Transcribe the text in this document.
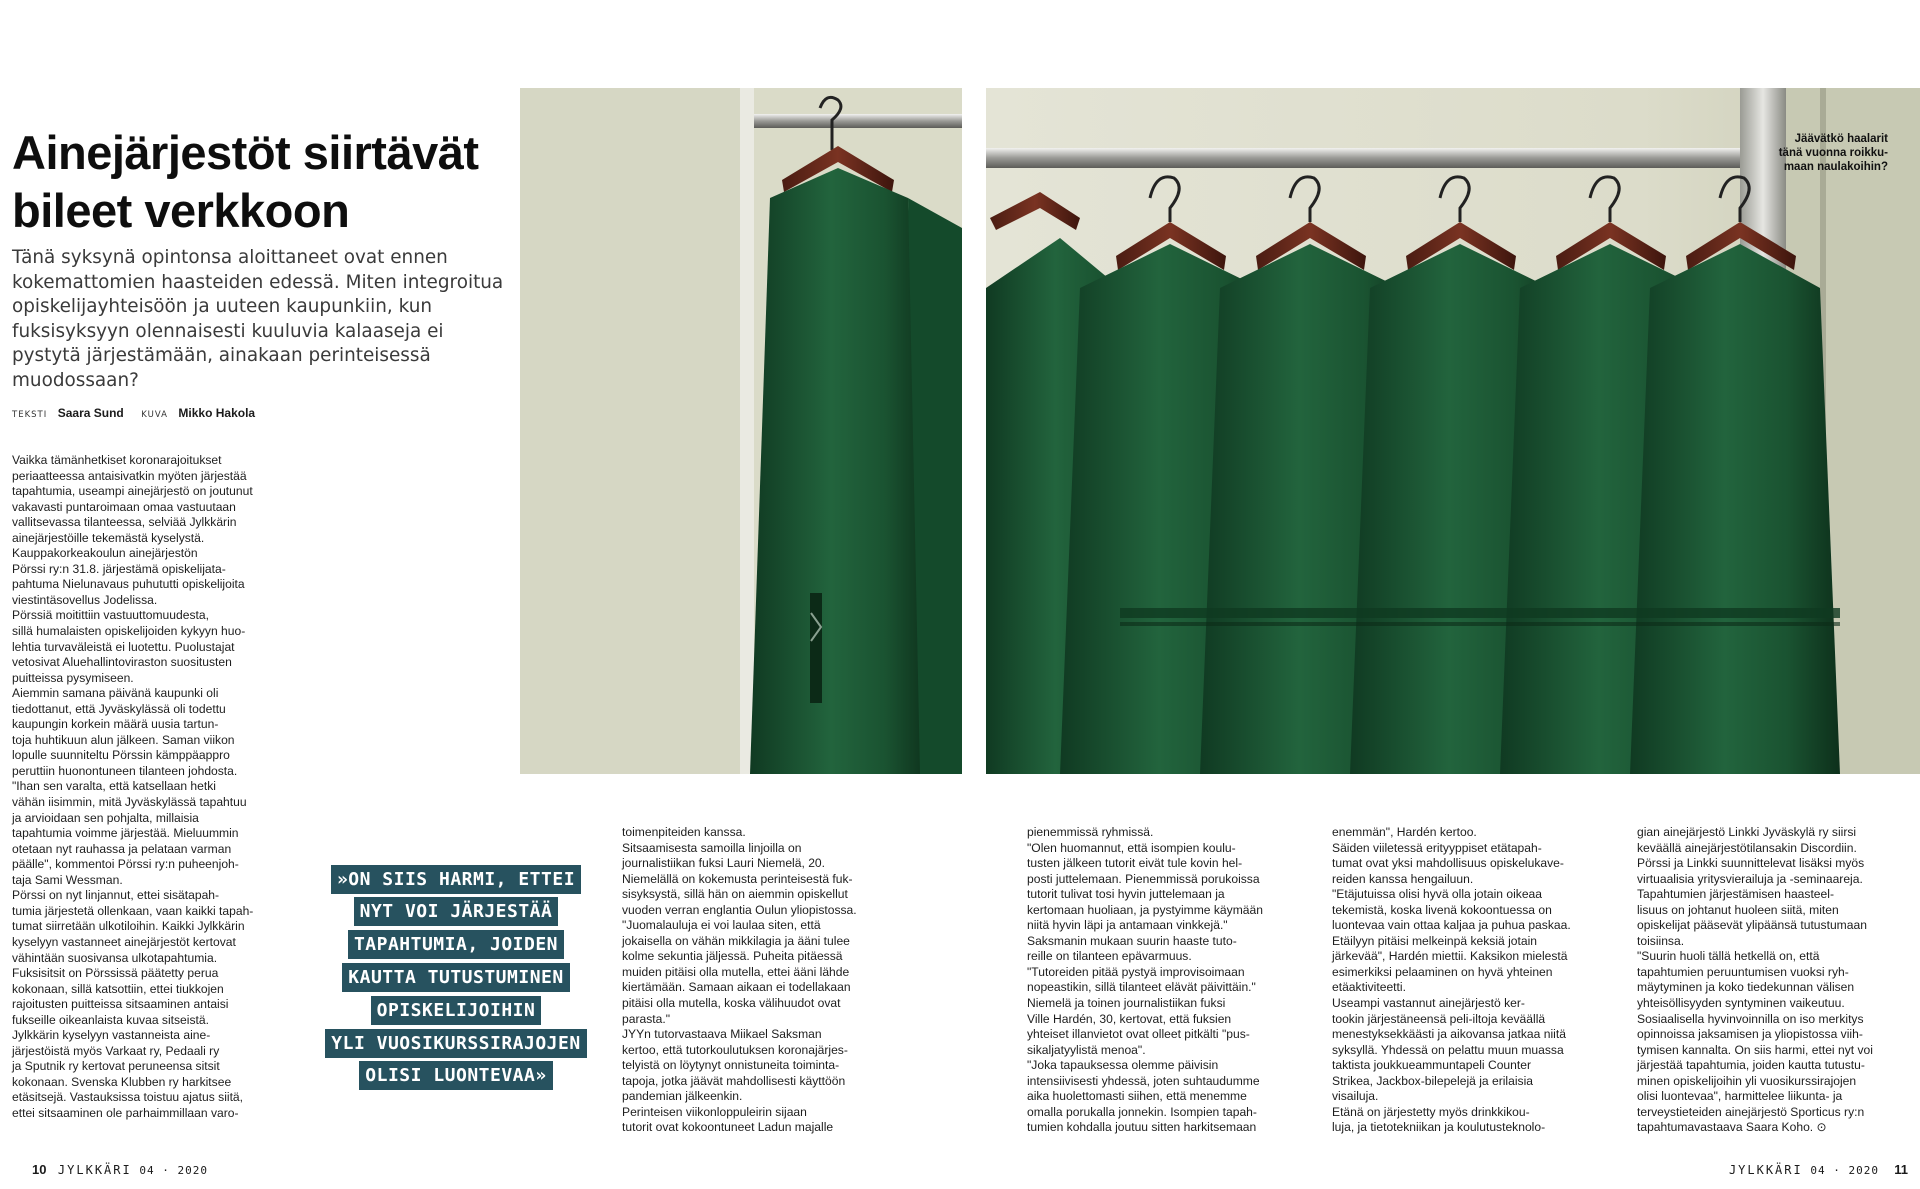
Ainejärjestöt siirtävät
bileet verkkoon
Tänä syksynä opintonsa aloittaneet ovat ennen
kokemattomien haasteiden edessä. Miten integroitua
opiskelijayhteisöön ja uuteen kaupunkiin, kun
fuksisyksyyn olennaisesti kuuluvia kalaaseja ei
pystytä järjestämään, ainakaan perinteisessä
muodossaan?
TEKSTI Saara Sund KUVA Mikko Hakola
Vaikka tämänhetkiset koronarajoitukset
periaatteessa antaisivatkin myöten järjestää
tapahtumia, useampi ainejärjestö on joutunut
vakavasti puntaroimaan omaa vastuutaan
vallitsevassa tilanteessa, selviää Jylkkärin
ainejärjestöille tekemästä kyselystä.
Kauppakorkeakoulun ainejärjestön
Pörssi ry:n 31.8. järjestämä opiskelijata-
pahtuma Nielunavaus puhututti opiskelijoita
viestintäsovellus Jodelissa.
Pörssiä moitittiin vastuuttomuudesta,
sillä humalaisten opiskelijoiden kykyyn huo-
lehtia turvaväleistä ei luotettu. Puolustajat
vetosivat Aluehallintoviraston suositusten
puitteissa pysymiseen.
Aiemmin samana päivänä kaupunki oli
tiedottanut, että Jyväskylässä oli todettu
kaupungin korkein määrä uusia tartun-
toja huhtikuun alun jälkeen. Saman viikon
lopulle suunniteltu Pörssin kämppäappro
peruttiin huonontuneen tilanteen johdosta.
"Ihan sen varalta, että katsellaan hetki
vähän iisimmin, mitä Jyväskylässä tapahtuu
ja arvioidaan sen pohjalta, millaisia
tapahtumia voimme järjestää. Mieluummin
otetaan nyt rauhassa ja pelataan varman
päälle", kommentoi Pörssi ry:n puheenjoh-
taja Sami Wessman.
Pörssi on nyt linjannut, ettei sisätapah-
tumia järjestetä ollenkaan, vaan kaikki tapah-
tumat siirretään ulkotiloihin. Kaikki Jylkkärin
kyselyyn vastanneet ainejärjestöt kertovat
vähintään suosivansa ulkotapahtumia.
Fuksisitsit on Pörssissä päätetty perua
kokonaan, sillä katsottiin, ettei tiukkojen
rajoitusten puitteissa sitsaaminen antaisi
fukseille oikeanlaista kuvaa sitseistä.
Jylkkärin kyselyyn vastanneista aine-
järjestöistä myös Varkaat ry, Pedaali ry
ja Sputnik ry kertovat peruneensa sitsit
kokonaan. Svenska Klubben ry harkitsee
etäsitsejä. Vastauksissa toistuu ajatus siitä,
ettei sitsaaminen ole parhaimmillaan varo-
toimenpiteiden kanssa.
Sitsaamisesta samoilla linjoilla on
journalistiikan fuksi Lauri Niemelä, 20.
Niemelällä on kokemusta perinteisestä fuk-
sisyksystä, sillä hän on aiemmin opiskellut
vuoden verran englantia Oulun yliopistossa.
"Juomalauluja ei voi laulaa siten, että
jokaisella on vähän mikkilagia ja ääni tulee
kolme sekuntia jäljessä. Puheita pitäessä
muiden pitäisi olla mutella, ettei ääni lähde
kiertämään. Samaan aikaan ei todellakaan
pitäisi olla mutella, koska välihuudot ovat
parasta."
JYYn tutorvastaava Miikael Saksman
kertoo, että tutorkoulutuksen koronajärjes-
telyistä on löytynyt onnistuneita toiminta-
tapoja, jotka jäävät mahdollisesti käyttöön
pandemian jälkeenkin.
Perinteisen viikonloppuleirin sijaan
tutorit ovat kokoontuneet Ladun majalle
pienemmissä ryhmissä.
"Olen huomannut, että isompien koulu-
tusten jälkeen tutorit eivät tule kovin hel-
posti juttelemaan. Pienemmissä porukoissa
tutorit tulivat tosi hyvin juttelemaan ja
kertomaan huoliaan, ja pystyimme käymään
niitä hyvin läpi ja antamaan vinkkejä."
Saksmanin mukaan suurin haaste tuto-
reille on tilanteen epävarmuus.
"Tutoreiden pitää pystyä improvisoimaan
nopeastikin, sillä tilanteet elävät päivittäin."
Niemelä ja toinen journalistiikan fuksi
Ville Hardén, 30, kertovat, että fuksien
yhteiset illanvietot ovat olleet pitkälti "pus-
sikaljatyylistä menoa".
"Joka tapauksessa olemme päivisin
intensiivisesti yhdessä, joten suhtaudumme
aika huolettomasti siihen, että menemme
omalla porukalla jonnekin. Isompien tapah-
tumien kohdalla joutuu sitten harkitsemaan
enemmän", Hardén kertoo.
Säiden viiletessä erityyppiset etätapah-
tumat ovat yksi mahdollisuus opiskelukave-
reiden kanssa hengailuun.
"Etäjutuissa olisi hyvä olla jotain oikeaa
tekemistä, koska livenä kokoontuessa on
luontevaa vain ottaa kaljaa ja puhua paskaa.
Etäilyyn pitäisi melkeinpä keksiä jotain
järkevää", Hardén miettii. Kaksikon mielestä
esimerkiksi pelaaminen on hyvä yhteinen
etäaktiviteetti.
Useampi vastannut ainejärjestö ker-
tookin järjestäneensä peli-iltoja keväällä
menestyksekkäästi ja aikovansa jatkaa niitä
syksyllä. Yhdessä on pelattu muun muassa
taktista joukkueammuntapeli Counter
Strikea, Jackbox-bilepelejä ja erilaisia
visailuja.
Etänä on järjestetty myös drinkkikou-
luja, ja tietotekniikan ja koulutusteknolo-
gian ainejärjestö Linkki Jyväskylä ry siirsi
keväällä ainejärjestötilansakin Discordiin.
Pörssi ja Linkki suunnittelevat lisäksi myös
virtuaalisia yritysvierailuja ja -seminaareja.
Tapahtumien järjestämisen haasteel-
lisuus on johtanut huoleen siitä, miten
opiskelijat pääsevät ylipäänsä tutustumaan
toisiinsa.
"Suurin huoli tällä hetkellä on, että
tapahtumien peruuntumisen vuoksi ryh-
mäytyminen ja koko tiedekunnan välisen
yhteisöllisyyden syntyminen vaikeutuu.
Sosiaalisella hyvinvoinnilla on iso merkitys
opinnoissa jaksamisen ja yliopistossa viih-
tymisen kannalta. On siis harmi, ettei nyt voi
järjestää tapahtumia, joiden kautta tutustu-
minen opiskelijoihin yli vuosikurssirajojen
olisi luontevaa", harmittelee liikunta- ja
terveystieteiden ainejärjestö Sporticus ry:n
tapahtumavastaava Saara Koho. ⊙
»ON SIIS HARMI, ETTEI
NYT VOI JÄRJESTÄÄ
TAPAHTUMIA, JOIDEN
KAUTTA TUTUSTUMINEN
OPISKELIJOIHIN
YLI VUOSIKURSSIRAJOJEN
OLISI LUONTEVAA»
Jäävätkö haalarit
tänä vuonna roikku-
maan naulakoihin?
10 JYLKKÄRI 04 · 2020	JYLKKÄRI 04 · 2020 11
